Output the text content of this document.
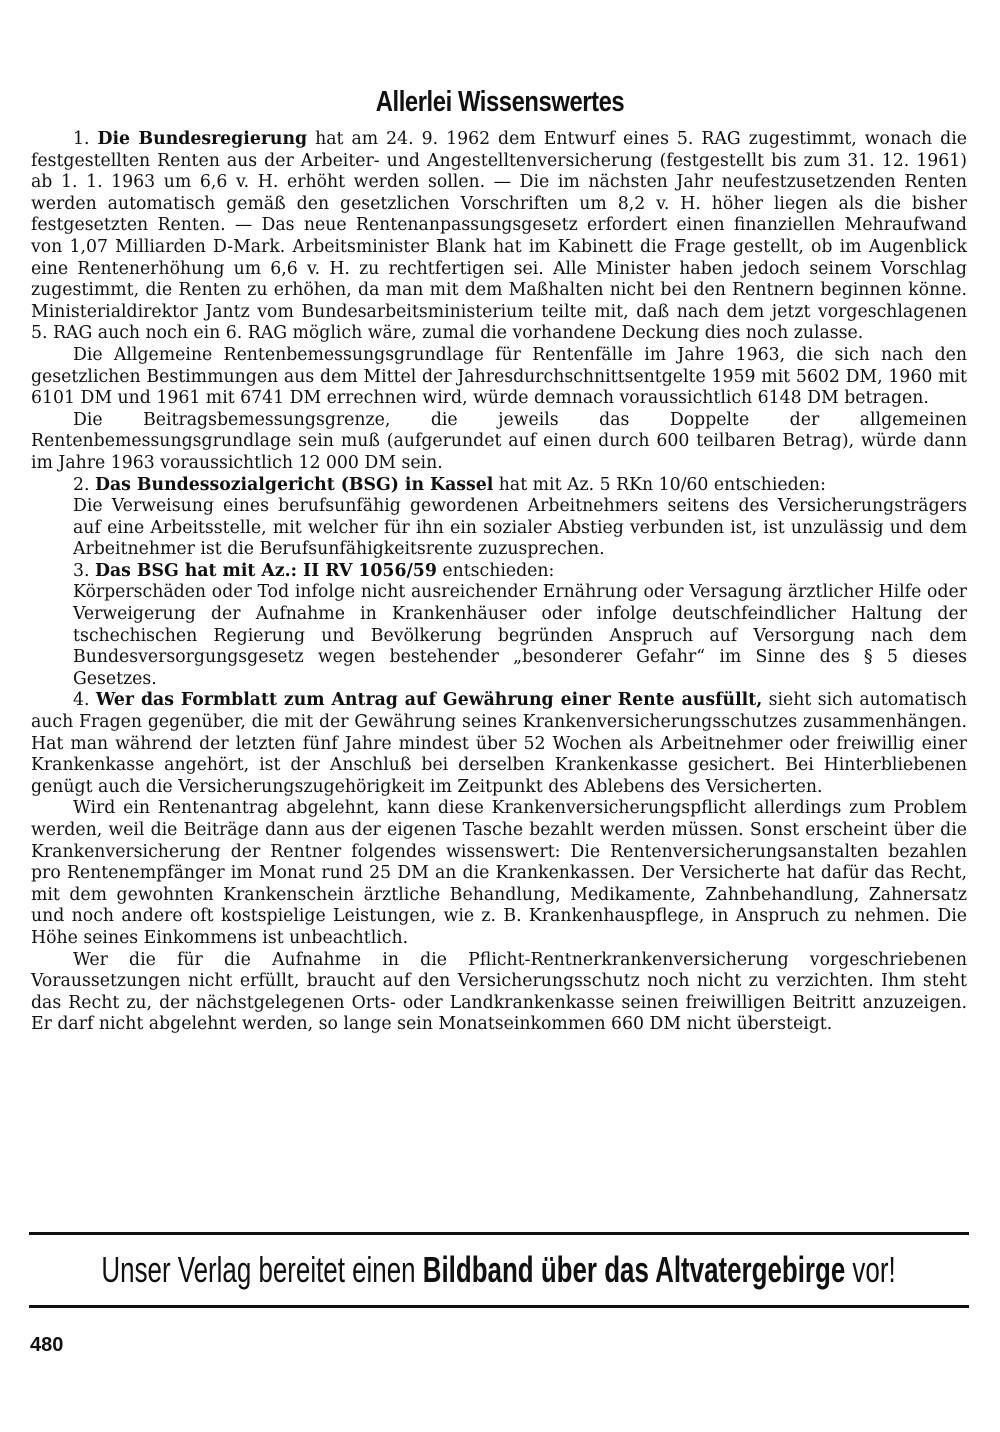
Allerlei Wissenswertes

1. Die Bundesregierung hat am 24. 9. 1962 dem Entwurf eines 5. RAG zugestimmt, wonach die festgestellten Renten aus der Arbeiter- und Angestelltenversicherung (festgestellt bis zum 31. 12. 1961) ab 1. 1. 1963 um 6,6 v. H. erhöht werden sollen. — Die im nächsten Jahr neufestzusetzenden Renten werden automatisch gemäß den gesetzlichen Vorschriften um 8,2 v. H. höher liegen als die bisher festgesetzten Renten. — Das neue Rentenanpassungsgesetz erfordert einen finanziellen Mehraufwand von 1,07 Milliarden D-Mark. Arbeitsminister Blank hat im Kabinett die Frage gestellt, ob im Augenblick eine Rentenerhöhung um 6,6 v. H. zu rechtfertigen sei. Alle Minister haben jedoch seinem Vorschlag zugestimmt, die Renten zu erhöhen, da man mit dem Maßhalten nicht bei den Rentnern beginnen könne. Ministerialdirektor Jantz vom Bundesarbeitsministerium teilte mit, daß nach dem jetzt vorgeschlagenen 5. RAG auch noch ein 6. RAG möglich wäre, zumal die vorhandene Deckung dies noch zulasse.

Die Allgemeine Rentenbemessungsgrundlage für Rentenfälle im Jahre 1963, die sich nach den gesetzlichen Bestimmungen aus dem Mittel der Jahresdurchschnittsentgelte 1959 mit 5602 DM, 1960 mit 6101 DM und 1961 mit 6741 DM errechnen wird, würde demnach voraussichtlich 6148 DM betragen.

Die Beitragsbemessungsgrenze, die jeweils das Doppelte der allgemeinen Rentenbemessungsgrundlage sein muß (aufgerundet auf einen durch 600 teilbaren Betrag), würde dann im Jahre 1963 voraussichtlich 12 000 DM sein.

2. Das Bundessozialgericht (BSG) in Kassel hat mit Az. 5 RKn 10/60 entschieden:

Die Verweisung eines berufsunfähig gewordenen Arbeitnehmers seitens des Versicherungsträgers auf eine Arbeitsstelle, mit welcher für ihn ein sozialer Abstieg verbunden ist, ist unzulässig und dem Arbeitnehmer ist die Berufsunfähigkeitsrente zuzusprechen.

3. Das BSG hat mit Az.: II RV 1056/59 entschieden:

Körperschäden oder Tod infolge nicht ausreichender Ernährung oder Versagung ärztlicher Hilfe oder Verweigerung der Aufnahme in Krankenhäuser oder infolge deutschfeindlicher Haltung der tschechischen Regierung und Bevölkerung begründen Anspruch auf Versorgung nach dem Bundesversorgungsgesetz wegen bestehender „besonderer Gefahr“ im Sinne des § 5 dieses Gesetzes.

4. Wer das Formblatt zum Antrag auf Gewährung einer Rente ausfüllt, sieht sich automatisch auch Fragen gegenüber, die mit der Gewährung seines Krankenversicherungsschutzes zusammenhängen. Hat man während der letzten fünf Jahre mindest über 52 Wochen als Arbeitnehmer oder freiwillig einer Krankenkasse angehört, ist der Anschluß bei derselben Krankenkasse gesichert. Bei Hinterbliebenen genügt auch die Versicherungszugehörigkeit im Zeitpunkt des Ablebens des Versicherten.

Wird ein Rentenantrag abgelehnt, kann diese Krankenversicherungspflicht allerdings zum Problem werden, weil die Beiträge dann aus der eigenen Tasche bezahlt werden müssen. Sonst erscheint über die Krankenversicherung der Rentner folgendes wissenswert: Die Rentenversicherungsanstalten bezahlen pro Rentenempfänger im Monat rund 25 DM an die Krankenkassen. Der Versicherte hat dafür das Recht, mit dem gewohnten Krankenschein ärztliche Behandlung, Medikamente, Zahnbehandlung, Zahnersatz und noch andere oft kostspielige Leistungen, wie z. B. Krankenhauspflege, in Anspruch zu nehmen. Die Höhe seines Einkommens ist unbeachtlich.

Wer die für die Aufnahme in die Pflicht-Rentnerkrankenversicherung vorgeschriebenen Voraussetzungen nicht erfüllt, braucht auf den Versicherungsschutz noch nicht zu verzichten. Ihm steht das Recht zu, der nächstgelegenen Orts- oder Landkrankenkasse seinen freiwilligen Beitritt anzuzeigen. Er darf nicht abgelehnt werden, so lange sein Monatseinkommen 660 DM nicht übersteigt.

Unser Verlag bereitet einen Bildband über das Altvatergebirge vor!
480
